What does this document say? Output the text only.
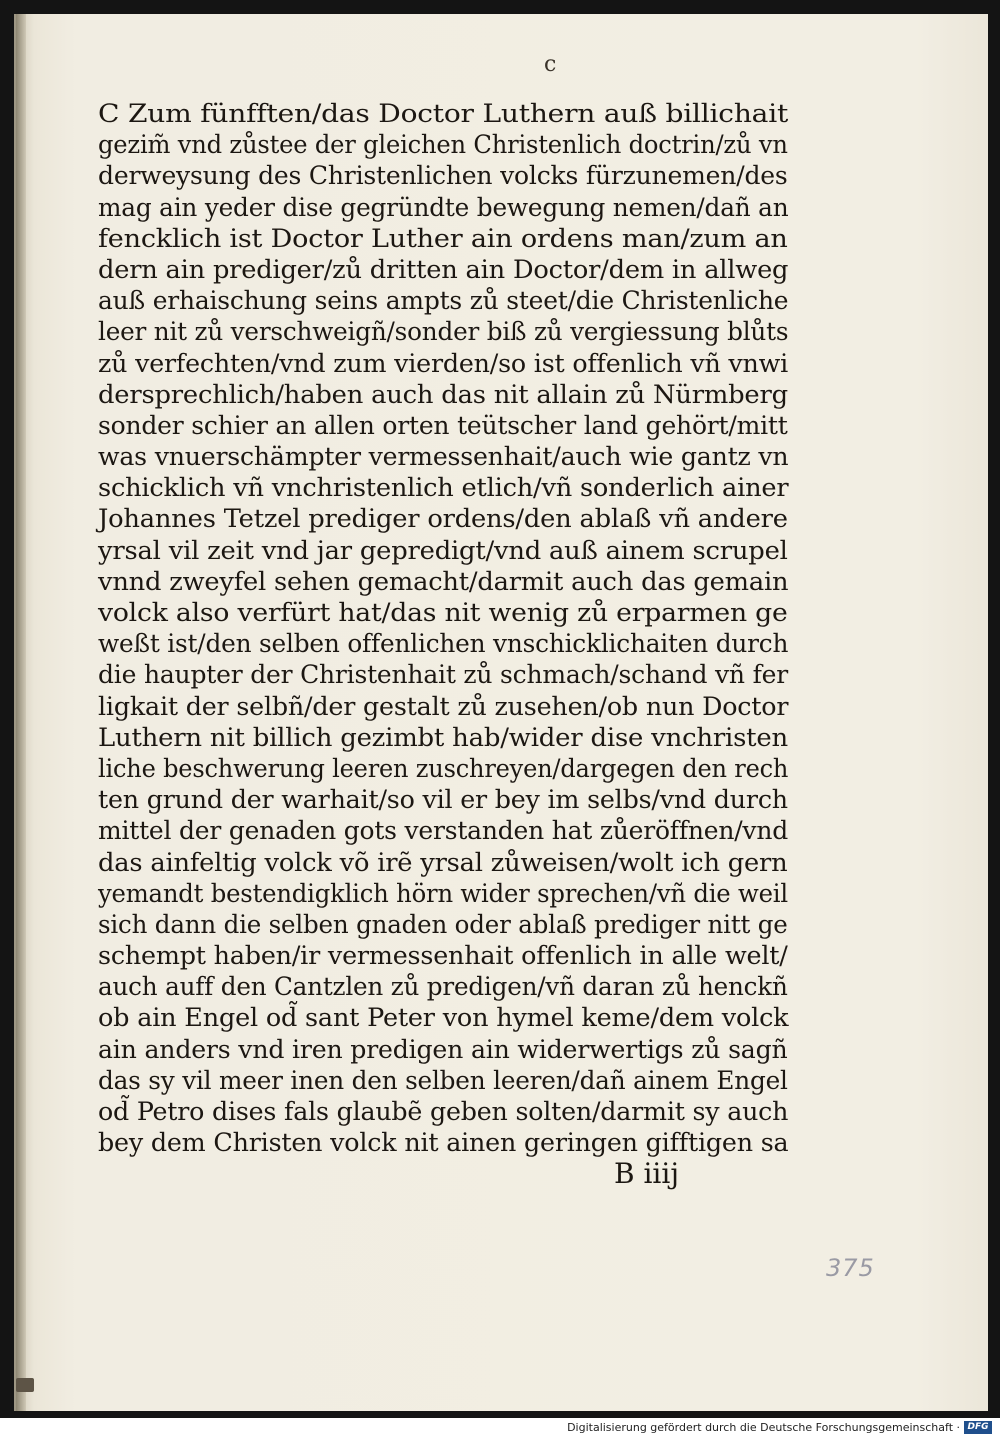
c
C Zum fünfften/das Doctor Luthern auß billichait
gezim̃ vnd zůstee der gleichen Christenlich doctrin/zů vn
derweysung des Christenlichen volcks fürzunemen/des
mag ain yeder dise gegründte bewegung nemen/dañ an
fencklich ist Doctor Luther ain ordens man/zum an
dern ain prediger/zů dritten ain Doctor/dem in allweg
auß erhaischung seins ampts zů steet/die Christenliche
leer nit zů verschweigñ/sonder biß zů vergiessung blůts
zů verfechten/vnd zum vierden/so ist offenlich vñ vnwi
dersprechlich/haben auch das nit allain zů Nürmberg
sonder schier an allen orten teütscher land gehört/mitt
was vnuerschämpter vermessenhait/auch wie gantz vn
schicklich vñ vnchristenlich etlich/vñ sonderlich ainer
Johannes Tetzel prediger ordens/den ablaß vñ andere
yrsal vil zeit vnd jar gepredigt/vnd auß ainem scrupel
vnnd zweyfel sehen gemacht/darmit auch das gemain
volck also verfürt hat/das nit wenig zů erparmen ge
weßt ist/den selben offenlichen vnschicklichaiten durch
die haupter der Christenhait zů schmach/schand vñ fer
ligkait der selbñ/der gestalt zů zusehen/ob nun Doctor
Luthern nit billich gezimbt hab/wider dise vnchristen
liche beschwerung leeren zuschreyen/dargegen den rech
ten grund der warhait/so vil er bey im selbs/vnd durch
mittel der genaden gots verstanden hat zůeröffnen/vnd
das ainfeltig volck võ irẽ yrsal zůweisen/wolt ich gern
yemandt bestendigklich hörn wider sprechen/vñ die weil
sich dann die selben gnaden oder ablaß prediger nitt ge
schempt haben/ir vermessenhait offenlich in alle welt/
auch auff den Cantzlen zů predigen/vñ daran zů henckñ
ob ain Engel od̃ sant Peter von hymel keme/dem volck
ain anders vnd iren predigen ain widerwertigs zů sagñ
das sy vil meer inen den selben leeren/dañ ainem Engel
od̃ Petro dises fals glaubẽ geben solten/darmit sy auch
bey dem Christen volck nit ainen geringen gifftigen sa
B iiij
375
Digitalisierung gefördert durch die Deutsche Forschungsgemeinschaft · DFG
